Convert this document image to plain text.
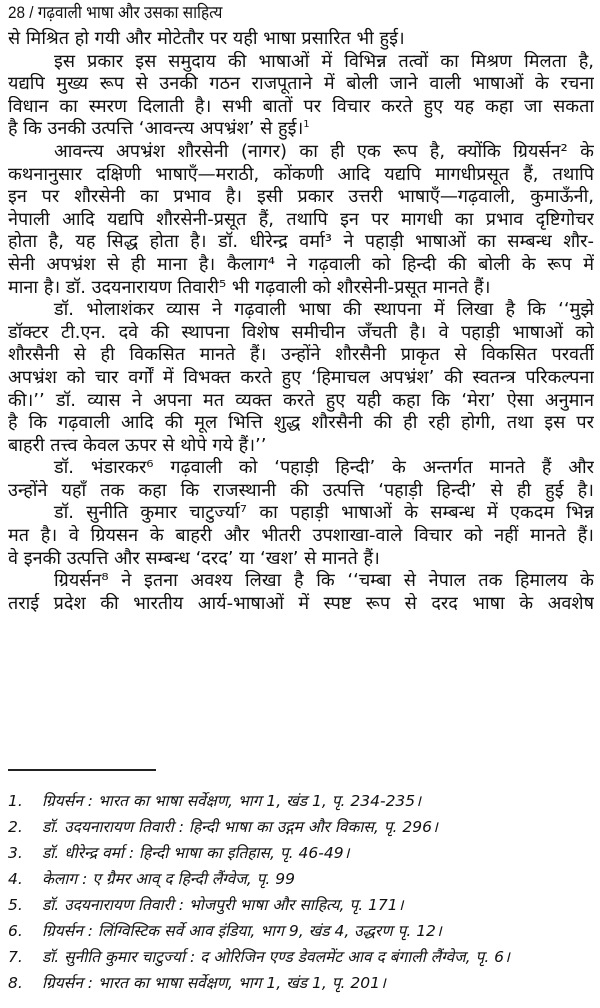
28 / गढ़वाली भाषा और उसका साहित्य
से मिश्रित हो गयी और मोटेतौर पर यही भाषा प्रसारित भी हुई।
इस प्रकार इस समुदाय की भाषाओं में विभिन्न तत्वों का मिश्रण मिलता है,
यद्यपि मुख्य रूप से उनकी गठन राजपूताने में बोली जाने वाली भाषाओं के रचना
विधान का स्मरण दिलाती है। सभी बातों पर विचार करते हुए यह कहा जा सकता
है कि उनकी उत्पत्ति ‘आवन्त्य अपभ्रंश’ से हुई।$^1$
आवन्त्य अपभ्रंश शौरसेनी (नागर) का ही एक रूप है, क्योंकि ग्रियर्सन² के
कथनानुसार दक्षिणी भाषाएँ—मराठी, कोंकणी आदि यद्यपि मागधीप्रसूत हैं, तथापि
इन पर शौरसेनी का प्रभाव है। इसी प्रकार उत्तरी भाषाएँ—गढ़वाली, कुमाऊँनी,
नेपाली आदि यद्यपि शौरसेनी-प्रसूत हैं, तथापि इन पर मागधी का प्रभाव दृष्टिगोचर
होता है, यह सिद्ध होता है। डॉ. धीरेन्द्र वर्मा³ ने पहाड़ी भाषाओं का सम्बन्ध शौर-
सेनी अपभ्रंश से ही माना है। कैलाग⁴ ने गढ़वाली को हिन्दी की बोली के रूप में
माना है। डॉ. उदयनारायण तिवारी⁵ भी गढ़वाली को शौरसेनी-प्रसूत मानते हैं।
डॉ. भोलाशंकर व्यास ने गढ़वाली भाषा की स्थापना में लिखा है कि ‘‘मुझे
डॉक्टर टी.एन. दवे की स्थापना विशेष समीचीन जँचती है। वे पहाड़ी भाषाओं को
शौरसैनी से ही विकसित मानते हैं। उन्होंने शौरसैनी प्राकृत से विकसित परवर्ती
अपभ्रंश को चार वर्गों में विभक्त करते हुए ‘हिमाचल अपभ्रंश’ की स्वतन्त्र परिकल्पना
की।’’ डॉ. व्यास ने अपना मत व्यक्त करते हुए यही कहा कि ‘मेरा’ ऐसा अनुमान
है कि गढ़वाली आदि की मूल भित्ति शुद्ध शौरसैनी की ही रही होगी, तथा इस पर
बाहरी तत्त्व केवल ऊपर से थोपे गये हैं।’’
डॉ. भंडारकर⁶ गढ़वाली को ‘पहाड़ी हिन्दी’ के अन्तर्गत मानते हैं और
उन्होंने यहाँ तक कहा कि राजस्थानी की उत्पत्ति ‘पहाड़ी हिन्दी’ से ही हुई है।
डॉ. सुनीति कुमार चाटुर्ज्या⁷ का पहाड़ी भाषाओं के सम्बन्ध में एकदम भिन्न
मत है। वे ग्रियसन के बाहरी और भीतरी उपशाखा-वाले विचार को नहीं मानते हैं।
वे इनकी उत्पत्ति और सम्बन्ध ‘दरद’ या ‘खश’ से मानते हैं।
ग्रियर्सन⁸ ने इतना अवश्य लिखा है कि ‘‘चम्बा से नेपाल तक हिमालय के
तराई प्रदेश की भारतीय आर्य-भाषाओं में स्पष्ट रूप से दरद भाषा के अवशेष
1.	ग्रियर्सन : भारत का भाषा सर्वेक्षण, भाग 1, खंड 1, पृ. 234-235।
2.	डॉ. उदयनारायण तिवारी : हिन्दी भाषा का उद्गम और विकास, पृ. 296।
3.	डॉ. धीरेन्द्र वर्मा : हिन्दी भाषा का इतिहास, पृ. 46-49।
4.	केलाग : ए ग्रैमर आव् द हिन्दी लैंग्वेज, पृ. 99
5.	डॉ. उदयनारायण तिवारी : भोजपुरी भाषा और साहित्य, पृ. 171।
6.	ग्रियर्सन : लिंग्विस्टिक सर्वे आव इंडिया, भाग 9, खंड 4, उद्धरण पृ. 12।
7.	डॉ. सुनीति कुमार चाटुर्ज्या : द ओरिजिन एण्ड डेवलमेंट आव द बंगाली लैंग्वेज, पृ. 6।
8.	ग्रियर्सन : भारत का भाषा सर्वेक्षण, भाग 1, खंड 1, पृ. 201।
